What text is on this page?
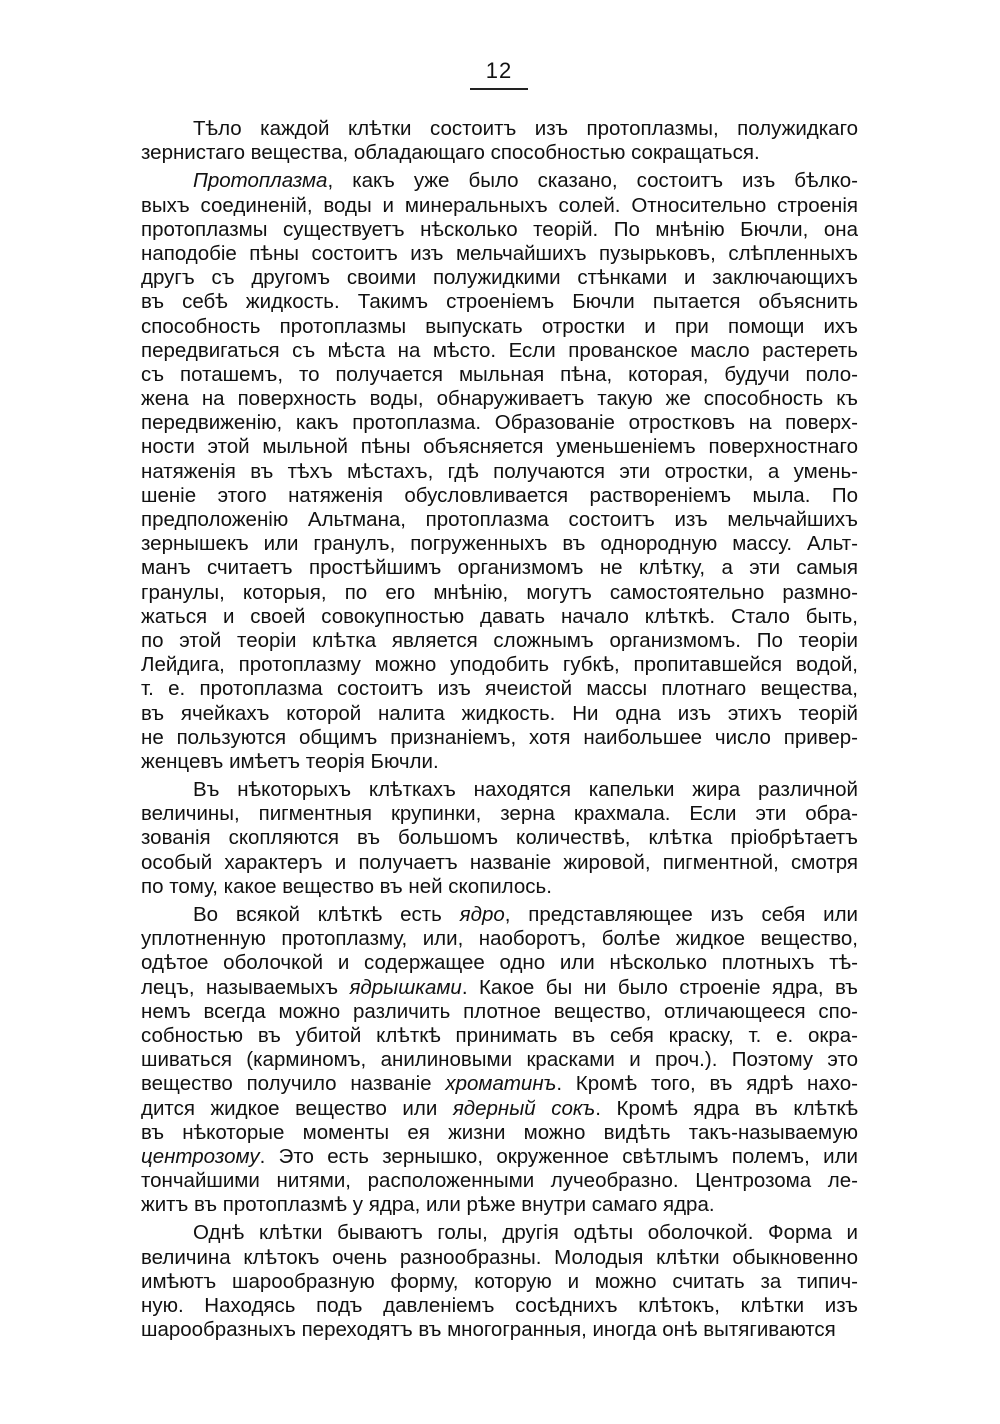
12
Тѣло каждой клѣтки состоитъ изъ протоплазмы, полужидкаго
зернистаго вещества, обладающаго способностью сокращаться.
Протоплазма, какъ уже было сказано, состоитъ изъ бѣлко-
выхъ соединеній, воды и минеральныхъ солей. Относительно строенія
протоплазмы существуетъ нѣсколько теорій. По мнѣнію Бючли, она
наподобіе пѣны состоитъ изъ мельчайшихъ пузырьковъ, слѣпленныхъ
другъ съ другомъ своими полужидкими стѣнками и заключающихъ
въ себѣ жидкость. Такимъ строеніемъ Бючли пытается объяснить
способность протоплазмы выпускать отростки и при помощи ихъ
передвигаться съ мѣста на мѣсто. Если прованское масло растереть
съ поташемъ, то получается мыльная пѣна, которая, будучи поло-
жена на поверхность воды, обнаруживаетъ такую же способность къ
передвиженію, какъ протоплазма. Образованіе отростковъ на поверх-
ности этой мыльной пѣны объясняется уменьшеніемъ поверхностнаго
натяженія въ тѣхъ мѣстахъ, гдѣ получаются эти отростки, а умень-
шеніе этого натяженія обусловливается раствореніемъ мыла. По
предположенію Альтмана, протоплазма состоитъ изъ мельчайшихъ
зернышекъ или гранулъ, погруженныхъ въ однородную массу. Альт-
манъ считаетъ простѣйшимъ организмомъ не клѣтку, а эти самыя
гранулы, которыя, по его мнѣнію, могутъ самостоятельно размно-
жаться и своей совокупностью давать начало клѣткѣ. Стало быть,
по этой теоріи клѣтка является сложнымъ организмомъ. По теоріи
Лейдига, протоплазму можно уподобить губкѣ, пропитавшейся водой,
т. е. протоплазма состоитъ изъ ячеистой массы плотнаго вещества,
въ ячейкахъ которой налита жидкость. Ни одна изъ этихъ теорій
не пользуются общимъ признаніемъ, хотя наибольшее число привер-
женцевъ имѣетъ теорія Бючли.
Въ нѣкоторыхъ клѣткахъ находятся капельки жира различной
величины, пигментныя крупинки, зерна крахмала. Если эти обра-
зованія скопляются въ большомъ количествѣ, клѣтка пріобрѣтаетъ
особый характеръ и получаетъ названіе жировой, пигментной, смотря
по тому, какое вещество въ ней скопилось.
Во всякой клѣткѣ есть ядро, представляющее изъ себя или
уплотненную протоплазму, или, наоборотъ, болѣе жидкое вещество,
одѣтое оболочкой и содержащее одно или нѣсколько плотныхъ тѣ-
лецъ, называемыхъ ядрышками. Какое бы ни было строеніе ядра, въ
немъ всегда можно различить плотное вещество, отличающееся спо-
собностью въ убитой клѣткѣ принимать въ себя краску, т. е. окра-
шиваться (карминомъ, анилиновыми красками и проч.). Поэтому это
вещество получило названіе хроматинъ. Кромѣ того, въ ядрѣ нахо-
дится жидкое вещество или ядерный сокъ. Кромѣ ядра въ клѣткѣ
въ нѣкоторые моменты ея жизни можно видѣть такъ-называемую
центрозому. Это есть зернышко, окруженное свѣтлымъ полемъ, или
тончайшими нитями, расположенными лучеобразно. Центрозома ле-
житъ въ протоплазмѣ у ядра, или рѣже внутри самаго ядра.
Однѣ клѣтки бываютъ голы, другія одѣты оболочкой. Форма и
величина клѣтокъ очень разнообразны. Молодыя клѣтки обыкновенно
имѣютъ шарообразную форму, которую и можно считать за типич-
ную. Находясь подъ давленіемъ сосѣднихъ клѣтокъ, клѣтки изъ
шарообразныхъ переходятъ въ многогранныя, иногда онѣ вытягиваются
